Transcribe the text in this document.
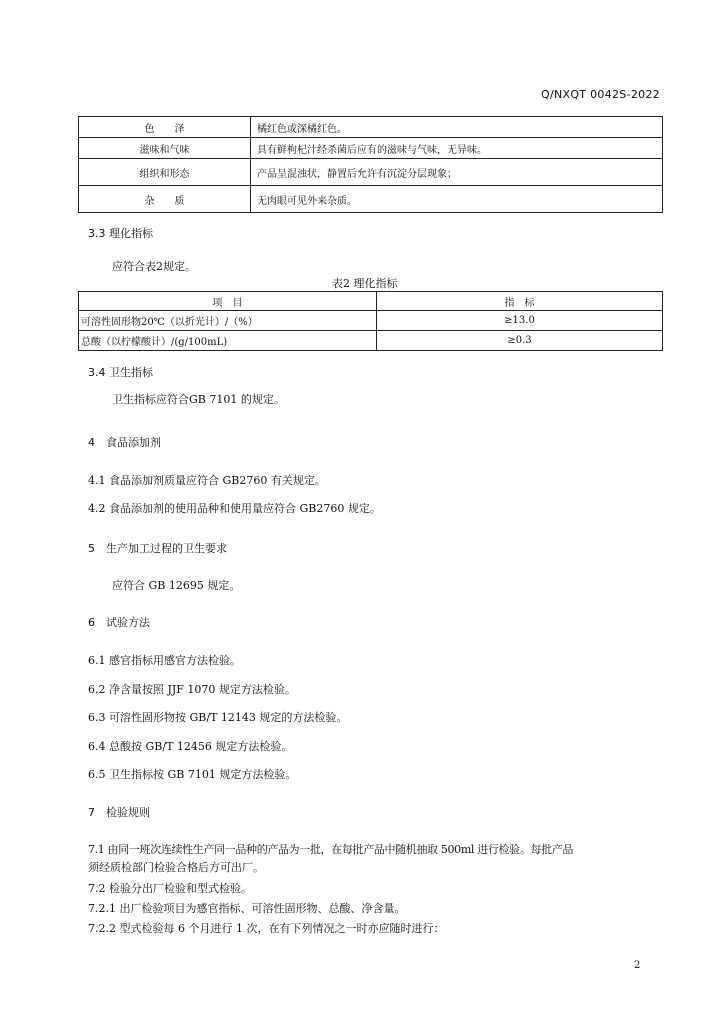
Q/NXQT 0042S-2022
色　　泽	橘红色或深橘红色。
滋味和气味	具有鲜枸杞汁经杀菌后应有的滋味与气味，无异味。
组织和形态	产品呈混浊状，静置后允许有沉淀分层现象；
杂　　质	无肉眼可见外来杂质。
3.3 理化指标
应符合表2规定。
表2 理化指标
项　目	指　标
可溶性固形物20℃（以折光计）/（%）	≥13.0
总酸（以柠檬酸计）/(g/100mL)	≥0.3
3.4 卫生指标
卫生指标应符合GB 7101 的规定。
4　食品添加剂
4.1 食品添加剂质量应符合 GB2760 有关规定。
4.2 食品添加剂的使用品种和使用量应符合 GB2760 规定。
5　生产加工过程的卫生要求
应符合 GB 12695 规定。
6　试验方法
6.1 感官指标用感官方法检验。
6.2 净含量按照 JJF 1070 规定方法检验。
6.3 可溶性固形物按 GB/T 12143 规定的方法检验。
6.4 总酸按 GB/T 12456 规定方法检验。
6.5 卫生指标按 GB 7101 规定方法检验。
7　检验规则
7.1 由同一班次连续性生产同一品种的产品为一批，在每批产品中随机抽取 500ml 进行检验。每批产品
须经质检部门检验合格后方可出厂。
7.2 检验分出厂检验和型式检验。
7.2.1 出厂检验项目为感官指标、可溶性固形物、总酸、净含量。
7.2.2 型式检验每 6 个月进行 1 次，在有下列情况之一时亦应随时进行：
2
